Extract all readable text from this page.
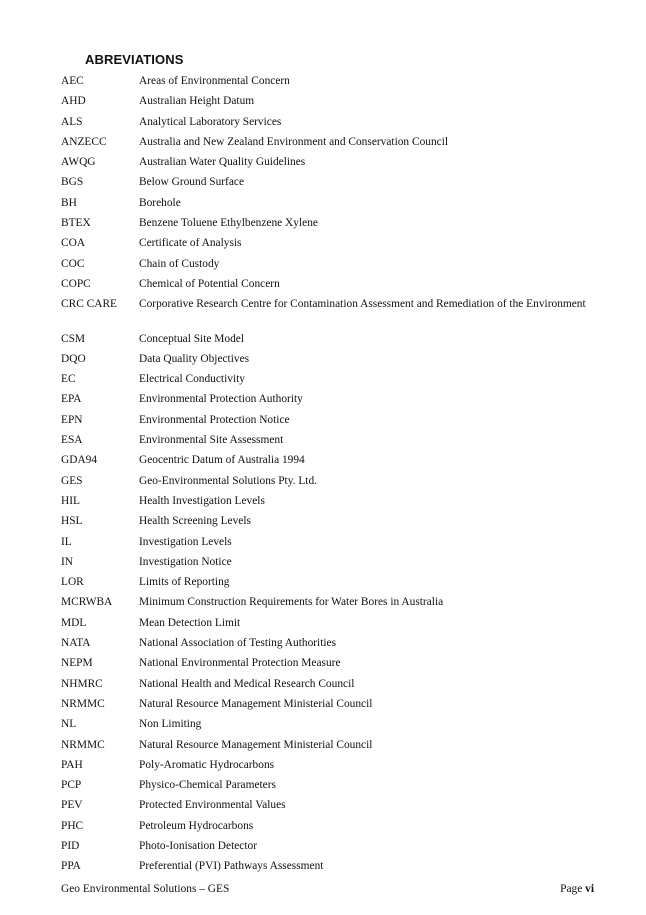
ABREVIATIONS
AEC	Areas of Environmental Concern
AHD	Australian Height Datum
ALS	Analytical Laboratory Services
ANZECC	Australia and New Zealand Environment and Conservation Council
AWQG	Australian Water Quality Guidelines
BGS	Below Ground Surface
BH	Borehole
BTEX	Benzene Toluene Ethylbenzene Xylene
COA	Certificate of Analysis
COC	Chain of Custody
COPC	Chemical of Potential Concern
CRC CARE	Corporative Research Centre for Contamination Assessment and Remediation of the Environment
CSM	Conceptual Site Model
DQO	Data Quality Objectives
EC	Electrical Conductivity
EPA	Environmental Protection Authority
EPN	Environmental Protection Notice
ESA	Environmental Site Assessment
GDA94	Geocentric Datum of Australia 1994
GES	Geo-Environmental Solutions Pty. Ltd.
HIL	Health Investigation Levels
HSL	Health Screening Levels
IL	Investigation Levels
IN	Investigation Notice
LOR	Limits of Reporting
MCRWBA	Minimum Construction Requirements for Water Bores in Australia
MDL	Mean Detection Limit
NATA	National Association of Testing Authorities
NEPM	National Environmental Protection Measure
NHMRC	National Health and Medical Research Council
NRMMC	Natural Resource Management Ministerial Council
NL	Non Limiting
NRMMC	Natural Resource Management Ministerial Council
PAH	Poly-Aromatic Hydrocarbons
PCP	Physico-Chemical Parameters
PEV	Protected Environmental Values
PHC	Petroleum Hydrocarbons
PID	Photo-Ionisation Detector
PPA	Preferential (PVI) Pathways Assessment
Geo Environmental Solutions – GES	Page vi
